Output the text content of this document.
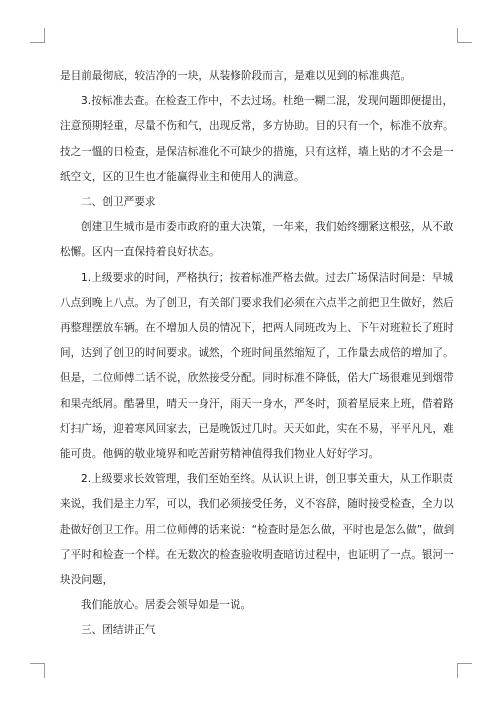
是目前最彻底，较洁净的一块，从装修阶段而言，是难以见到的标准典范。

3.按标准去查。在检查工作中，不去过场。杜绝一糊二混，发现问题即便提出，
注意预期轻重，尽量不伤和气，出现反常，多方协助。目的只有一个，标准不放弃。
技之一慍的日检查，是保洁标准化不可缺少的措施，只有这样，墙上贴的才不会是一
纸空文，区的卫生也才能赢得业主和使用人的满意。

二、创卫严要求

创建卫生城市是市委市政府的重大决策，一年来，我们始终绷紧这根弦，从不敢
松懈。区内一直保持着良好状态。

1.上级要求的时间，严格执行；按着标准严格去做。过去广场保洁时间是：早城
八点到晚上八点。为了创卫，有关部门要求我们必须在六点半之前把卫生做好，然后
再整理摆放车辆。在不增加人员的情况下，把两人同班改为上、下午对班粒长了班时
间，达到了创卫的时间要求。诚然，个班时间虽然缩短了，工作量去成倍的增加了。
但是，二位师傅二话不说，欣然接受分配。同时标准不降低，偌大广场很难见到烟带
和果壳纸屑。酷暑里，晴天一身汗，雨天一身水，严冬时，顶着星辰来上班，借着路
灯扫广场，迎着寒风回家去，已是晚饭过几时。天天如此，实在不易，平平凡凡，难
能可贵。他俩的敬业境界和吃苦耐劳精神值得我们物业人好好学习。

2.上级要求长效管理，我们至始至终。从认识上讲，创卫事关重大，从工作职责
来说，我们是主力军，可以，我们必须接受任务，义不容辞，随时接受检查，全力以
赴做好创卫工作。用二位师傅的话来说：“检查时是怎么做，平时也是怎么做”，做到
了平时和检查一个样。在无数次的检查验收明查暗访过程中，也证明了一点。银河一
块没问题，

我们能放心。居委会领导如是一说。

三、团结讲正气
